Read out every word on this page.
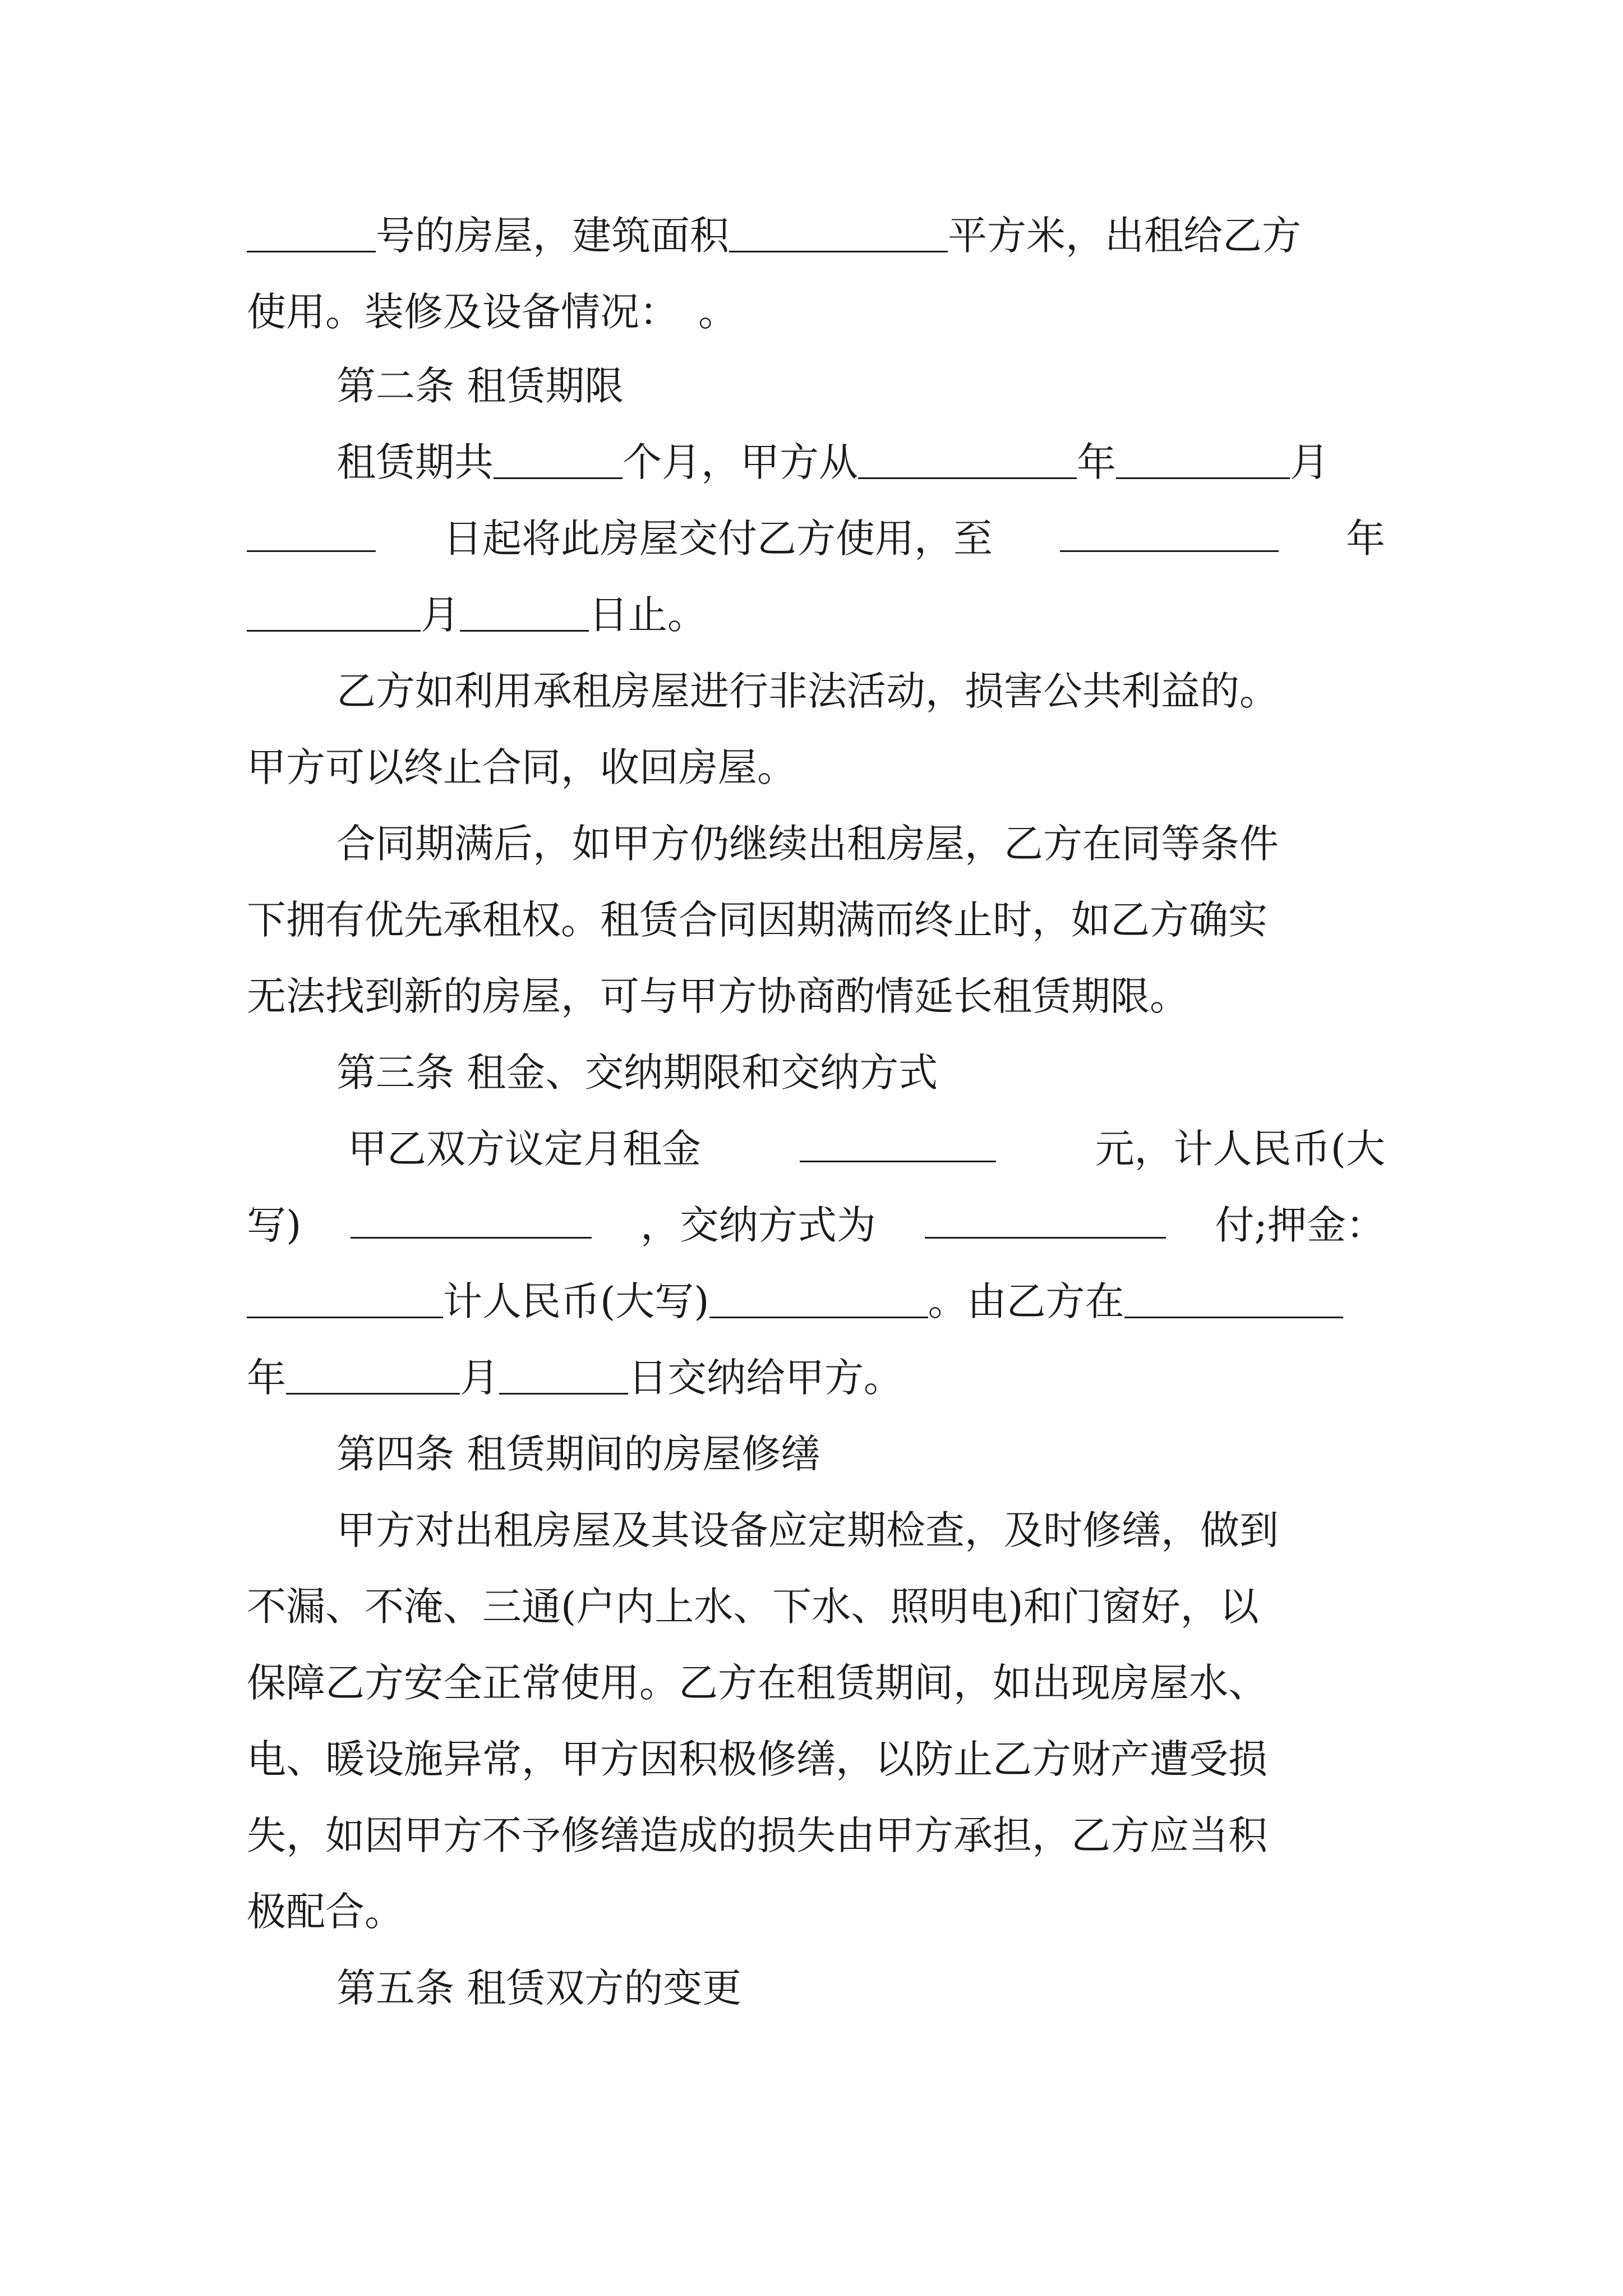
号的房屋，建筑面积	平方米，出租给乙方
使用。装修及设备情况：　。
第二条 租赁期限
租赁期共	个月，甲方从	年	月
日起将此房屋交付乙方使用，至	年
月	日止。
乙方如利用承租房屋进行非法活动，损害公共利益的。
甲方可以终止合同，收回房屋。
合同期满后，如甲方仍继续出租房屋，乙方在同等条件
下拥有优先承租权。租赁合同因期满而终止时，如乙方确实
无法找到新的房屋，可与甲方协商酌情延长租赁期限。
第三条 租金、交纳期限和交纳方式
甲乙双方议定月租金	元，计人民币(大
写)	，交纳方式为	付;押金：
计人民币(大写)	。由乙方在
年	月	日交纳给甲方。
第四条 租赁期间的房屋修缮
甲方对出租房屋及其设备应定期检查，及时修缮，做到
不漏、不淹、三通(户内上水、下水、照明电)和门窗好，以
保障乙方安全正常使用。乙方在租赁期间，如出现房屋水、
电、暖设施异常，甲方因积极修缮，以防止乙方财产遭受损
失，如因甲方不予修缮造成的损失由甲方承担，乙方应当积
极配合。
第五条 租赁双方的变更
